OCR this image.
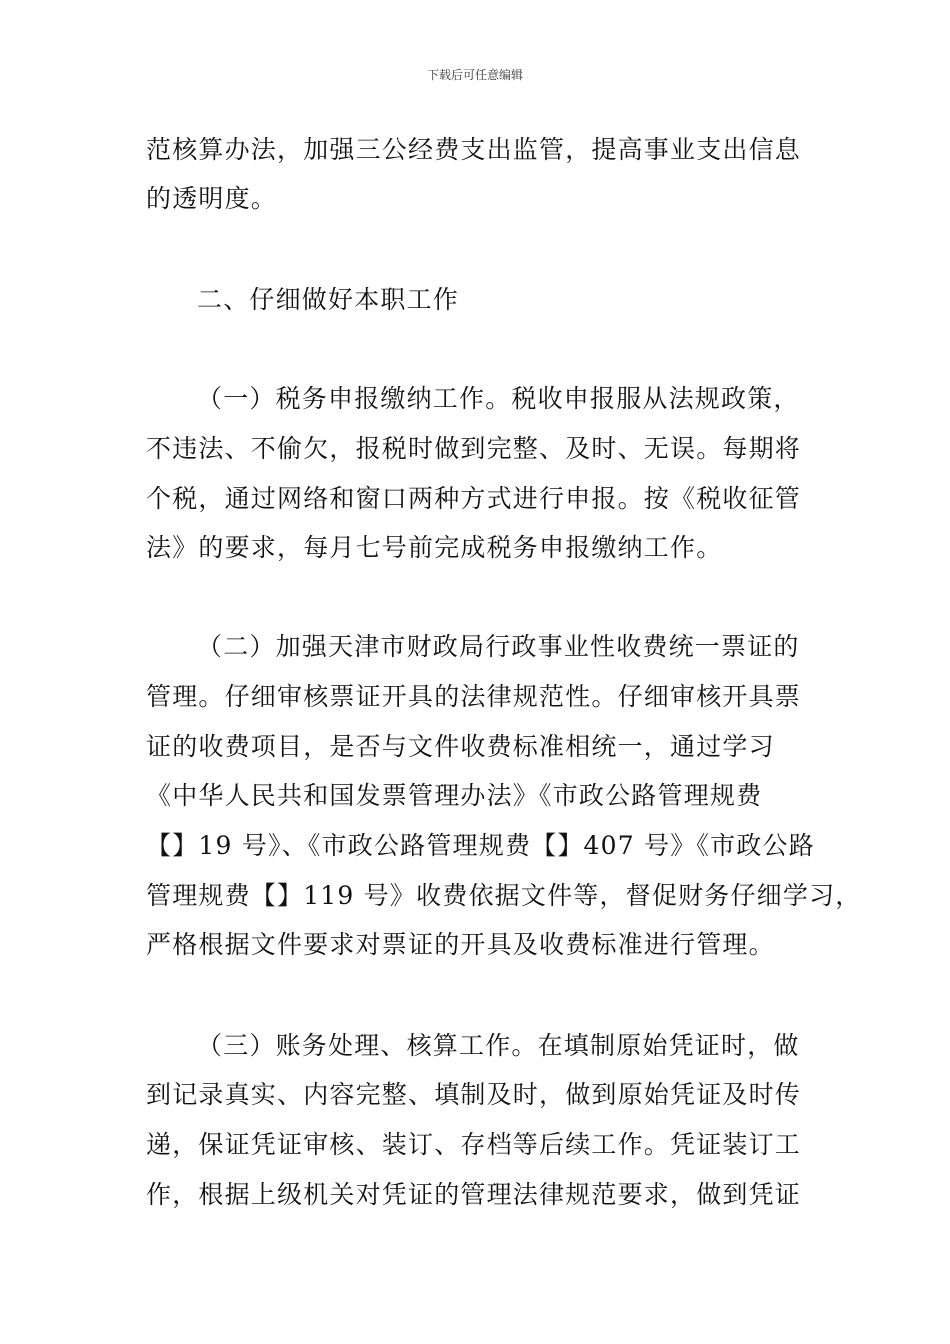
下载后可任意编辑
范核算办法，加强三公经费支出监管，提高事业支出信息
的透明度。
二、仔细做好本职工作
（一）税务申报缴纳工作。税收申报服从法规政策，
不违法、不偷欠，报税时做到完整、及时、无误。每期将
个税，通过网络和窗口两种方式进行申报。按《税收征管
法》的要求，每月七号前完成税务申报缴纳工作。
（二）加强天津市财政局行政事业性收费统一票证的
管理。仔细审核票证开具的法律规范性。仔细审核开具票
证的收费项目，是否与文件收费标准相统一，通过学习
《中华人民共和国发票管理办法》《市政公路管理规费
【】19 号》、《市政公路管理规费【】407 号》《市政公路
管理规费【】119 号》收费依据文件等，督促财务仔细学习，
严格根据文件要求对票证的开具及收费标准进行管理。
（三）账务处理、核算工作。在填制原始凭证时，做
到记录真实、内容完整、填制及时，做到原始凭证及时传
递，保证凭证审核、装订、存档等后续工作。凭证装订工
作，根据上级机关对凭证的管理法律规范要求，做到凭证
